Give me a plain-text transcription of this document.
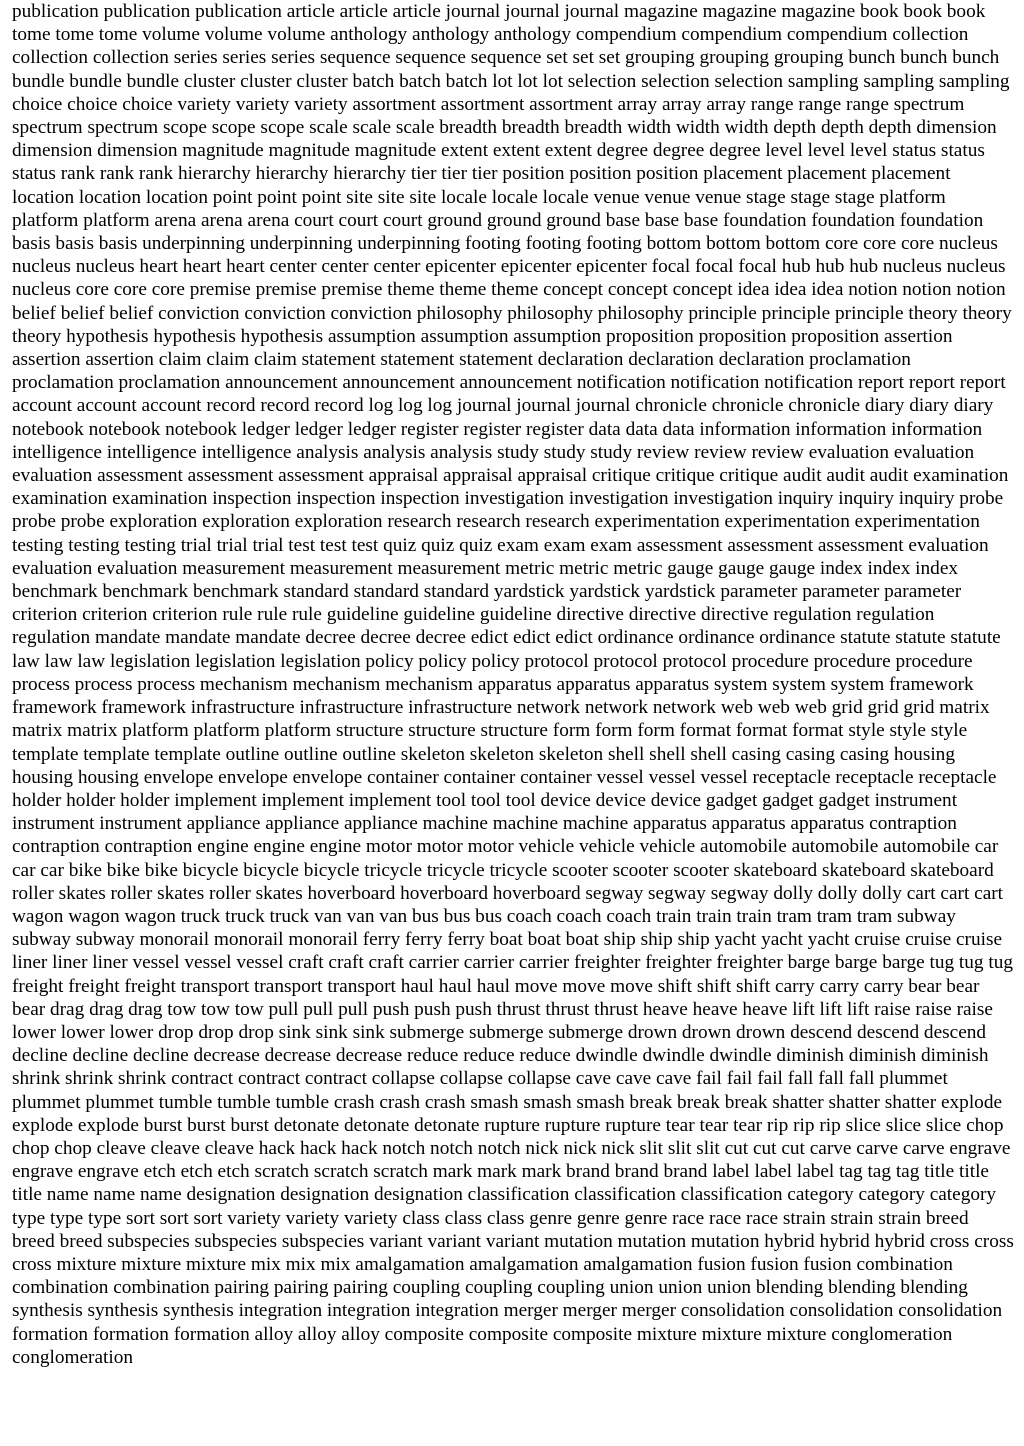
publication publication publication article article article journal journal journal magazine magazine magazine book book book tome tome tome volume volume volume anthology anthology anthology compendium compendium compendium collection collection collection series series series sequence sequence sequence set set set grouping grouping grouping bunch bunch bunch bundle bundle bundle cluster cluster cluster batch batch batch lot lot lot selection selection selection sampling sampling sampling choice choice choice variety variety variety assortment assortment assortment array array array range range range spectrum spectrum spectrum scope scope scope scale scale scale breadth breadth breadth width width width depth depth depth dimension dimension dimension magnitude magnitude magnitude extent extent extent degree degree degree level level level status status status rank rank rank hierarchy hierarchy hierarchy tier tier tier position position position placement placement placement location location location point point point site site site locale locale locale venue venue venue stage stage stage platform platform platform arena arena arena court court court ground ground ground base base base foundation foundation foundation basis basis basis underpinning underpinning underpinning footing footing footing bottom bottom bottom core core core nucleus nucleus nucleus heart heart heart center center center epicenter epicenter epicenter focal focal focal hub hub hub nucleus nucleus nucleus core core core premise premise premise theme theme theme concept concept concept idea idea idea notion notion notion belief belief belief conviction conviction conviction philosophy philosophy philosophy principle principle principle theory theory theory hypothesis hypothesis hypothesis assumption assumption assumption proposition proposition proposition assertion assertion assertion claim claim claim statement statement statement declaration declaration declaration proclamation proclamation proclamation announcement announcement announcement notification notification notification report report report account account account record record record log log log journal journal journal chronicle chronicle chronicle diary diary diary notebook notebook notebook ledger ledger ledger register register register data data data information information information intelligence intelligence intelligence analysis analysis analysis study study study review review review evaluation evaluation evaluation assessment assessment assessment appraisal appraisal appraisal critique critique critique audit audit audit examination examination examination inspection inspection inspection investigation investigation investigation inquiry inquiry inquiry probe probe probe exploration exploration exploration research research research experimentation experimentation experimentation testing testing testing trial trial trial test test test quiz quiz quiz exam exam exam assessment assessment assessment evaluation evaluation evaluation measurement measurement measurement metric metric metric gauge gauge gauge index index index benchmark benchmark benchmark standard standard standard yardstick yardstick yardstick parameter parameter parameter criterion criterion criterion rule rule rule guideline guideline guideline directive directive directive regulation regulation regulation mandate mandate mandate decree decree decree edict edict edict ordinance ordinance ordinance statute statute statute law law law legislation legislation legislation policy policy policy protocol protocol protocol procedure procedure procedure process process process mechanism mechanism mechanism apparatus apparatus apparatus system system system framework framework framework infrastructure infrastructure infrastructure network network network web web web grid grid grid matrix matrix matrix platform platform platform structure structure structure form form form format format format style style style template template template outline outline outline skeleton skeleton skeleton shell shell shell casing casing casing housing housing housing envelope envelope envelope container container container vessel vessel vessel receptacle receptacle receptacle holder holder holder implement implement implement tool tool tool device device device gadget gadget gadget instrument instrument instrument appliance appliance appliance machine machine machine apparatus apparatus apparatus contraption contraption contraption engine engine engine motor motor motor vehicle vehicle vehicle automobile automobile automobile car car car bike bike bike bicycle bicycle bicycle tricycle tricycle tricycle scooter scooter scooter skateboard skateboard skateboard roller skates roller skates roller skates hoverboard hoverboard hoverboard segway segway segway dolly dolly dolly cart cart cart wagon wagon wagon truck truck truck van van van bus bus bus coach coach coach train train train tram tram tram subway subway subway monorail monorail monorail ferry ferry ferry boat boat boat ship ship ship yacht yacht yacht cruise cruise cruise liner liner liner vessel vessel vessel craft craft craft carrier carrier carrier freighter freighter freighter barge barge barge tug tug tug freight freight freight transport transport transport haul haul haul move move move shift shift shift carry carry carry bear bear bear drag drag drag tow tow tow pull pull pull push push push thrust thrust thrust heave heave heave lift lift lift raise raise raise lower lower lower drop drop drop sink sink sink submerge submerge submerge drown drown drown descend descend descend decline decline decline decrease decrease decrease reduce reduce reduce dwindle dwindle dwindle diminish diminish diminish shrink shrink shrink contract contract contract collapse collapse collapse cave cave cave fail fail fail fall fall fall plummet plummet plummet tumble tumble tumble crash crash crash smash smash smash break break break shatter shatter shatter explode explode explode burst burst burst detonate detonate detonate rupture rupture rupture tear tear tear rip rip rip slice slice slice chop chop chop cleave cleave cleave hack hack hack notch notch notch nick nick nick slit slit slit cut cut cut carve carve carve engrave engrave engrave etch etch etch scratch scratch scratch mark mark mark brand brand brand label label label tag tag tag title title title name name name designation designation designation classification classification classification category category category type type type sort sort sort variety variety variety class class class genre genre genre race race race strain strain strain breed breed breed subspecies subspecies subspecies variant variant variant mutation mutation mutation hybrid hybrid hybrid cross cross cross mixture mixture mixture mix mix mix amalgamation amalgamation amalgamation fusion fusion fusion combination combination combination pairing pairing pairing coupling coupling coupling union union union blending blending blending synthesis synthesis synthesis integration integration integration merger merger merger consolidation consolidation consolidation formation formation formation alloy alloy alloy composite composite composite mixture mixture mixture conglomeration conglomeration
